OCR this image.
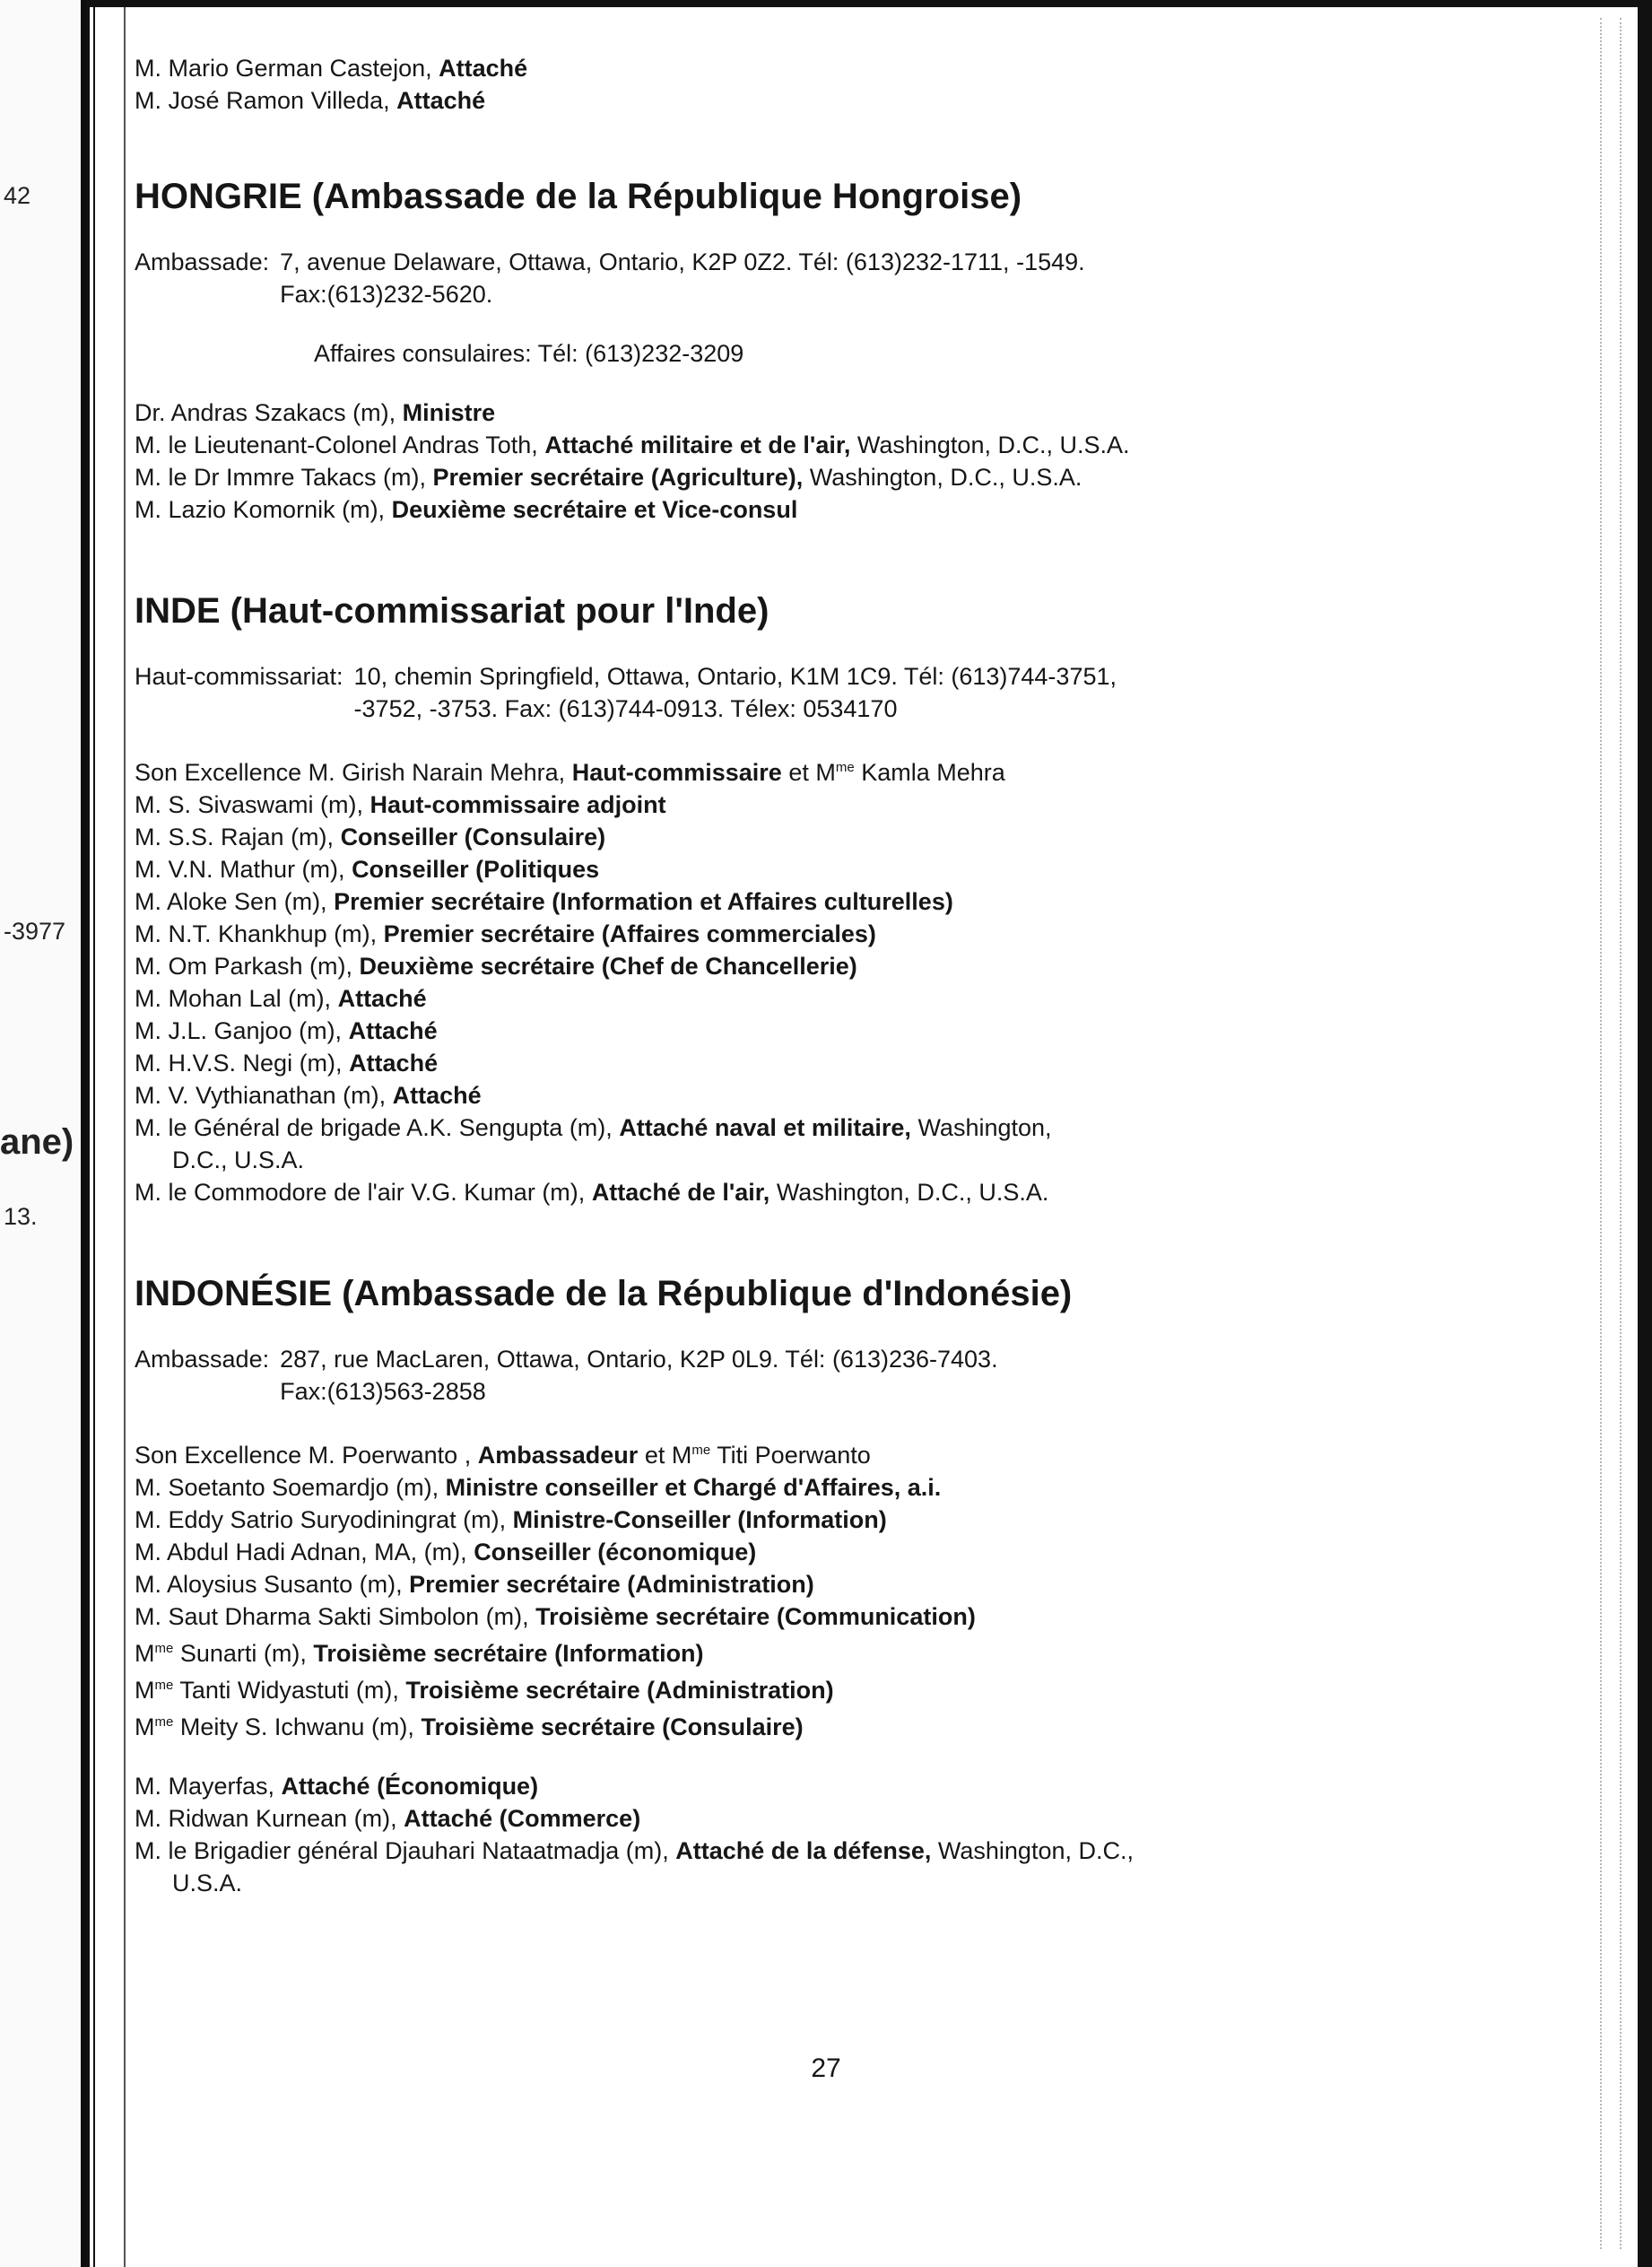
42
-3977
ane)
13.
M. Mario German Castejon, Attaché
M. José Ramon Villeda, Attaché
HONGRIE (Ambassade de la République Hongroise)
Ambassade: 7, avenue Delaware, Ottawa, Ontario, K2P 0Z2. Tél: (613)232-1711, -1549.
Fax:(613)232-5620.
Affaires consulaires: Tél: (613)232-3209
Dr. Andras Szakacs (m), Ministre
M. le Lieutenant-Colonel Andras Toth, Attaché militaire et de l'air, Washington, D.C., U.S.A.
M. le Dr Immre Takacs (m), Premier secrétaire (Agriculture), Washington, D.C., U.S.A.
M. Lazio Komornik (m), Deuxième secrétaire et Vice-consul
INDE (Haut-commissariat pour l'Inde)
Haut-commissariat: 10, chemin Springfield, Ottawa, Ontario, K1M 1C9. Tél: (613)744-3751,
-3752, -3753. Fax: (613)744-0913. Télex: 0534170
Son Excellence M. Girish Narain Mehra, Haut-commissaire et $M^{me}$ Kamla Mehra
M. S. Sivaswami (m), Haut-commissaire adjoint
M. S.S. Rajan (m), Conseiller (Consulaire)
M. V.N. Mathur (m), Conseiller (Politiques
M. Aloke Sen (m), Premier secrétaire (Information et Affaires culturelles)
M. N.T. Khankhup (m), Premier secrétaire (Affaires commerciales)
M. Om Parkash (m), Deuxième secrétaire (Chef de Chancellerie)
M. Mohan Lal (m), Attaché
M. J.L. Ganjoo (m), Attaché
M. H.V.S. Negi (m), Attaché
M. V. Vythianathan (m), Attaché
M. le Général de brigade A.K. Sengupta (m), Attaché naval et militaire, Washington,
D.C., U.S.A.
M. le Commodore de l'air V.G. Kumar (m), Attaché de l'air, Washington, D.C., U.S.A.
INDONÉSIE (Ambassade de la République d'Indonésie)
Ambassade: 287, rue MacLaren, Ottawa, Ontario, K2P 0L9. Tél: (613)236-7403.
Fax:(613)563-2858
Son Excellence M. Poerwanto , Ambassadeur et $M^{me}$ Titi Poerwanto
M. Soetanto Soemardjo (m), Ministre conseiller et Chargé d'Affaires, a.i.
M. Eddy Satrio Suryodiningrat (m), Ministre-Conseiller (Information)
M. Abdul Hadi Adnan, MA, (m), Conseiller (économique)
M. Aloysius Susanto (m), Premier secrétaire (Administration)
M. Saut Dharma Sakti Simbolon (m), Troisième secrétaire (Communication)
$M^{me}$ Sunarti (m), Troisième secrétaire (Information)
$M^{me}$ Tanti Widyastuti (m), Troisième secrétaire (Administration)
$M^{me}$ Meity S. Ichwanu (m), Troisième secrétaire (Consulaire)
M. Mayerfas, Attaché (Économique)
M. Ridwan Kurnean (m), Attaché (Commerce)
M. le Brigadier général Djauhari Nataatmadja (m), Attaché de la défense, Washington, D.C.,
U.S.A.
27
